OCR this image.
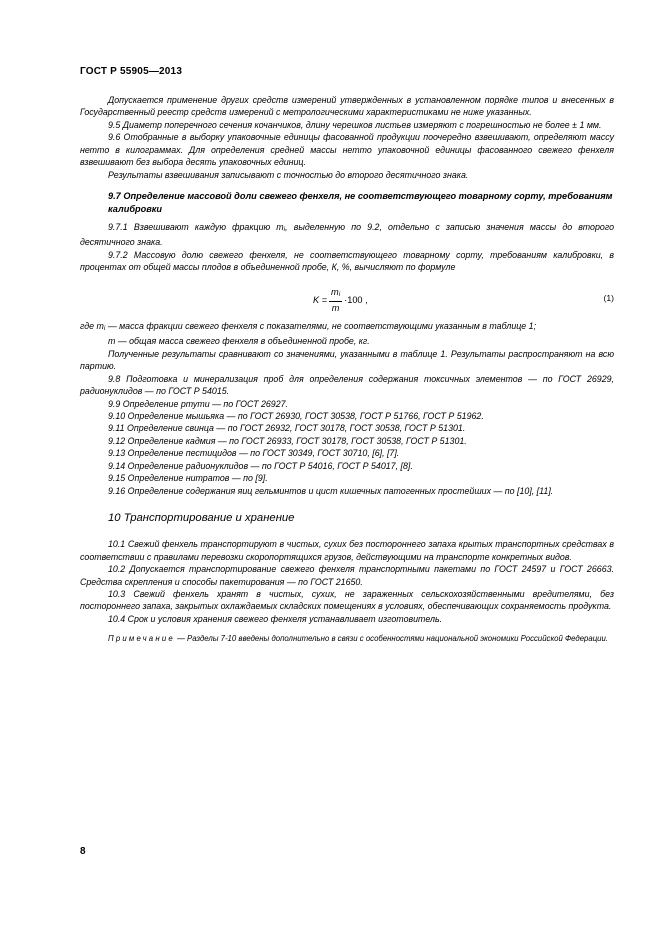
ГОСТ Р 55905—2013

Допускается применение других средств измерений утвержденных в установленном порядке типов и внесенных в Государственный реестр средств измерений с метрологическими характеристиками не ниже указанных.

9.5 Диаметр поперечного сечения кочанчиков, длину черешков листьев измеряют с погрешностью не более ± 1 мм.

9.6 Отобранные в выборку упаковочные единицы фасованной продукции поочередно взвешивают, определяют массу нетто в килограммах. Для определения средней массы нетто упаковочной единицы фасованного свежего фенхеля взвешивают без выбора десять упаковочных единиц.

Результаты взвешивания записывают с точностью до второго десятичного знака.

9.7 Определение массовой доли свежего фенхеля, не соответствующего товарному сорту, требованиям калибровки

9.7.1 Взвешивают каждую фракцию mi, выделенную по 9.2, отдельно с записью значения массы до второго десятичного знака.

9.7.2 Массовую долю свежего фенхеля, не соответствующего товарному сорту, требованиям калибровки, в процентах от общей массы плодов в объединенной пробе, К, %, вычисляют по формуле

$K = \frac{mi}{m} \cdot 100$ ,	(1)

где mi — масса фракции свежего фенхеля с показателями, не соответствующими указанным в таблице 1;

m — общая масса свежего фенхеля в объединенной пробе, кг.

Полученные результаты сравнивают со значениями, указанными в таблице 1. Результаты распространяют на всю партию.

9.8 Подготовка и минерализация проб для определения содержания токсичных элементов — по ГОСТ 26929, радионуклидов — по ГОСТ Р 54015.

9.9 Определение ртути — по ГОСТ 26927.

9.10 Определение мышьяка — по ГОСТ 26930, ГОСТ 30538, ГОСТ Р 51766, ГОСТ Р 51962.

9.11 Определение свинца — по ГОСТ 26932, ГОСТ 30178, ГОСТ 30538, ГОСТ Р 51301.

9.12 Определение кадмия — по ГОСТ 26933, ГОСТ 30178, ГОСТ 30538, ГОСТ Р 51301.

9.13 Определение пестицидов — по ГОСТ 30349, ГОСТ 30710, [6], [7].

9.14 Определение радионуклидов — по ГОСТ Р 54016, ГОСТ Р 54017, [8].

9.15 Определение нитратов — по [9].

9.16 Определение содержания яиц гельминтов и цист кишечных патогенных простейших — по [10], [11].

10 Транспортирование и хранение

10.1 Свежий фенхель транспортируют в чистых, сухих без постороннего запаха крытых транспортных средствах в соответствии с правилами перевозки скоропортящихся грузов, действующими на транспорте конкретных видов.

10.2 Допускается транспортирование свежего фенхеля транспортными пакетами по ГОСТ 24597 и ГОСТ 26663. Средства скрепления и способы пакетирования — по ГОСТ 21650.

10.3 Свежий фенхель хранят в чистых, сухих, не зараженных сельскохозяйственными вредителями, без постороннего запаха, закрытых охлаждаемых складских помещениях в условиях, обеспечивающих сохраняемость продукта.

10.4 Срок и условия хранения свежего фенхеля устанавливает изготовитель.

Примечание — Разделы 7-10 введены дополнительно в связи с особенностями национальной экономики Российской Федерации.

8
